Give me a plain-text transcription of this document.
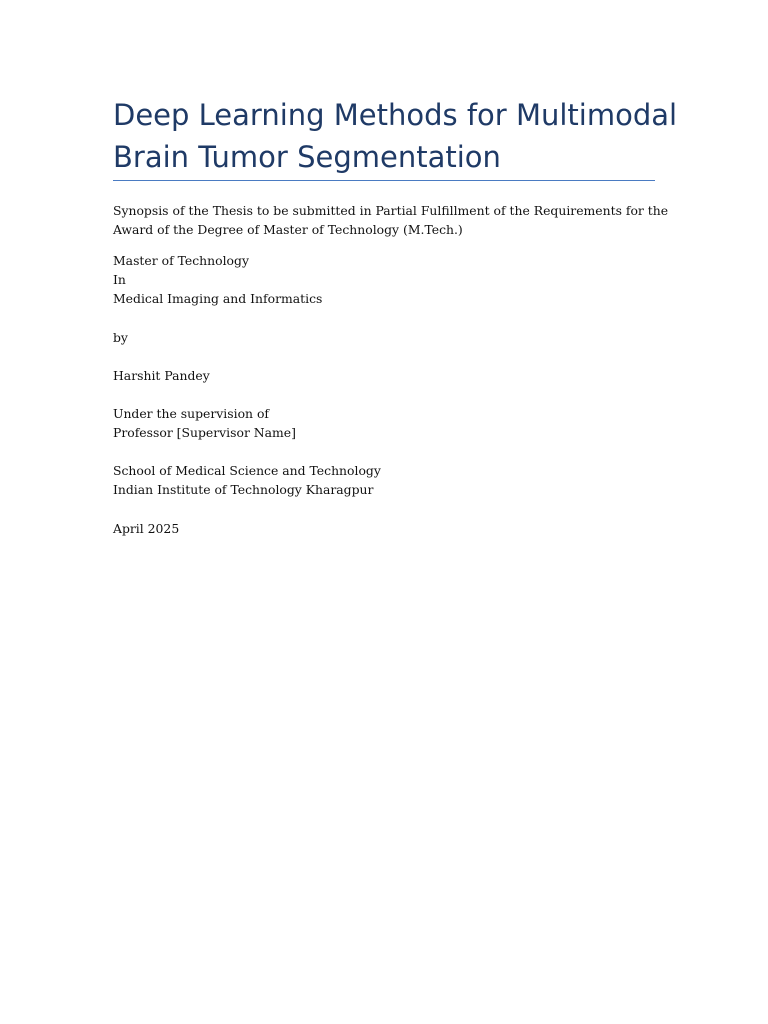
Deep Learning Methods for Multimodal
Brain Tumor Segmentation

Synopsis of the Thesis to be submitted in Partial Fulfillment of the Requirements for the
Award of the Degree of Master of Technology (M.Tech.)

Master of Technology
In
Medical Imaging and Informatics

by

Harshit Pandey

Under the supervision of
Professor [Supervisor Name]

School of Medical Science and Technology
Indian Institute of Technology Kharagpur

April 2025
